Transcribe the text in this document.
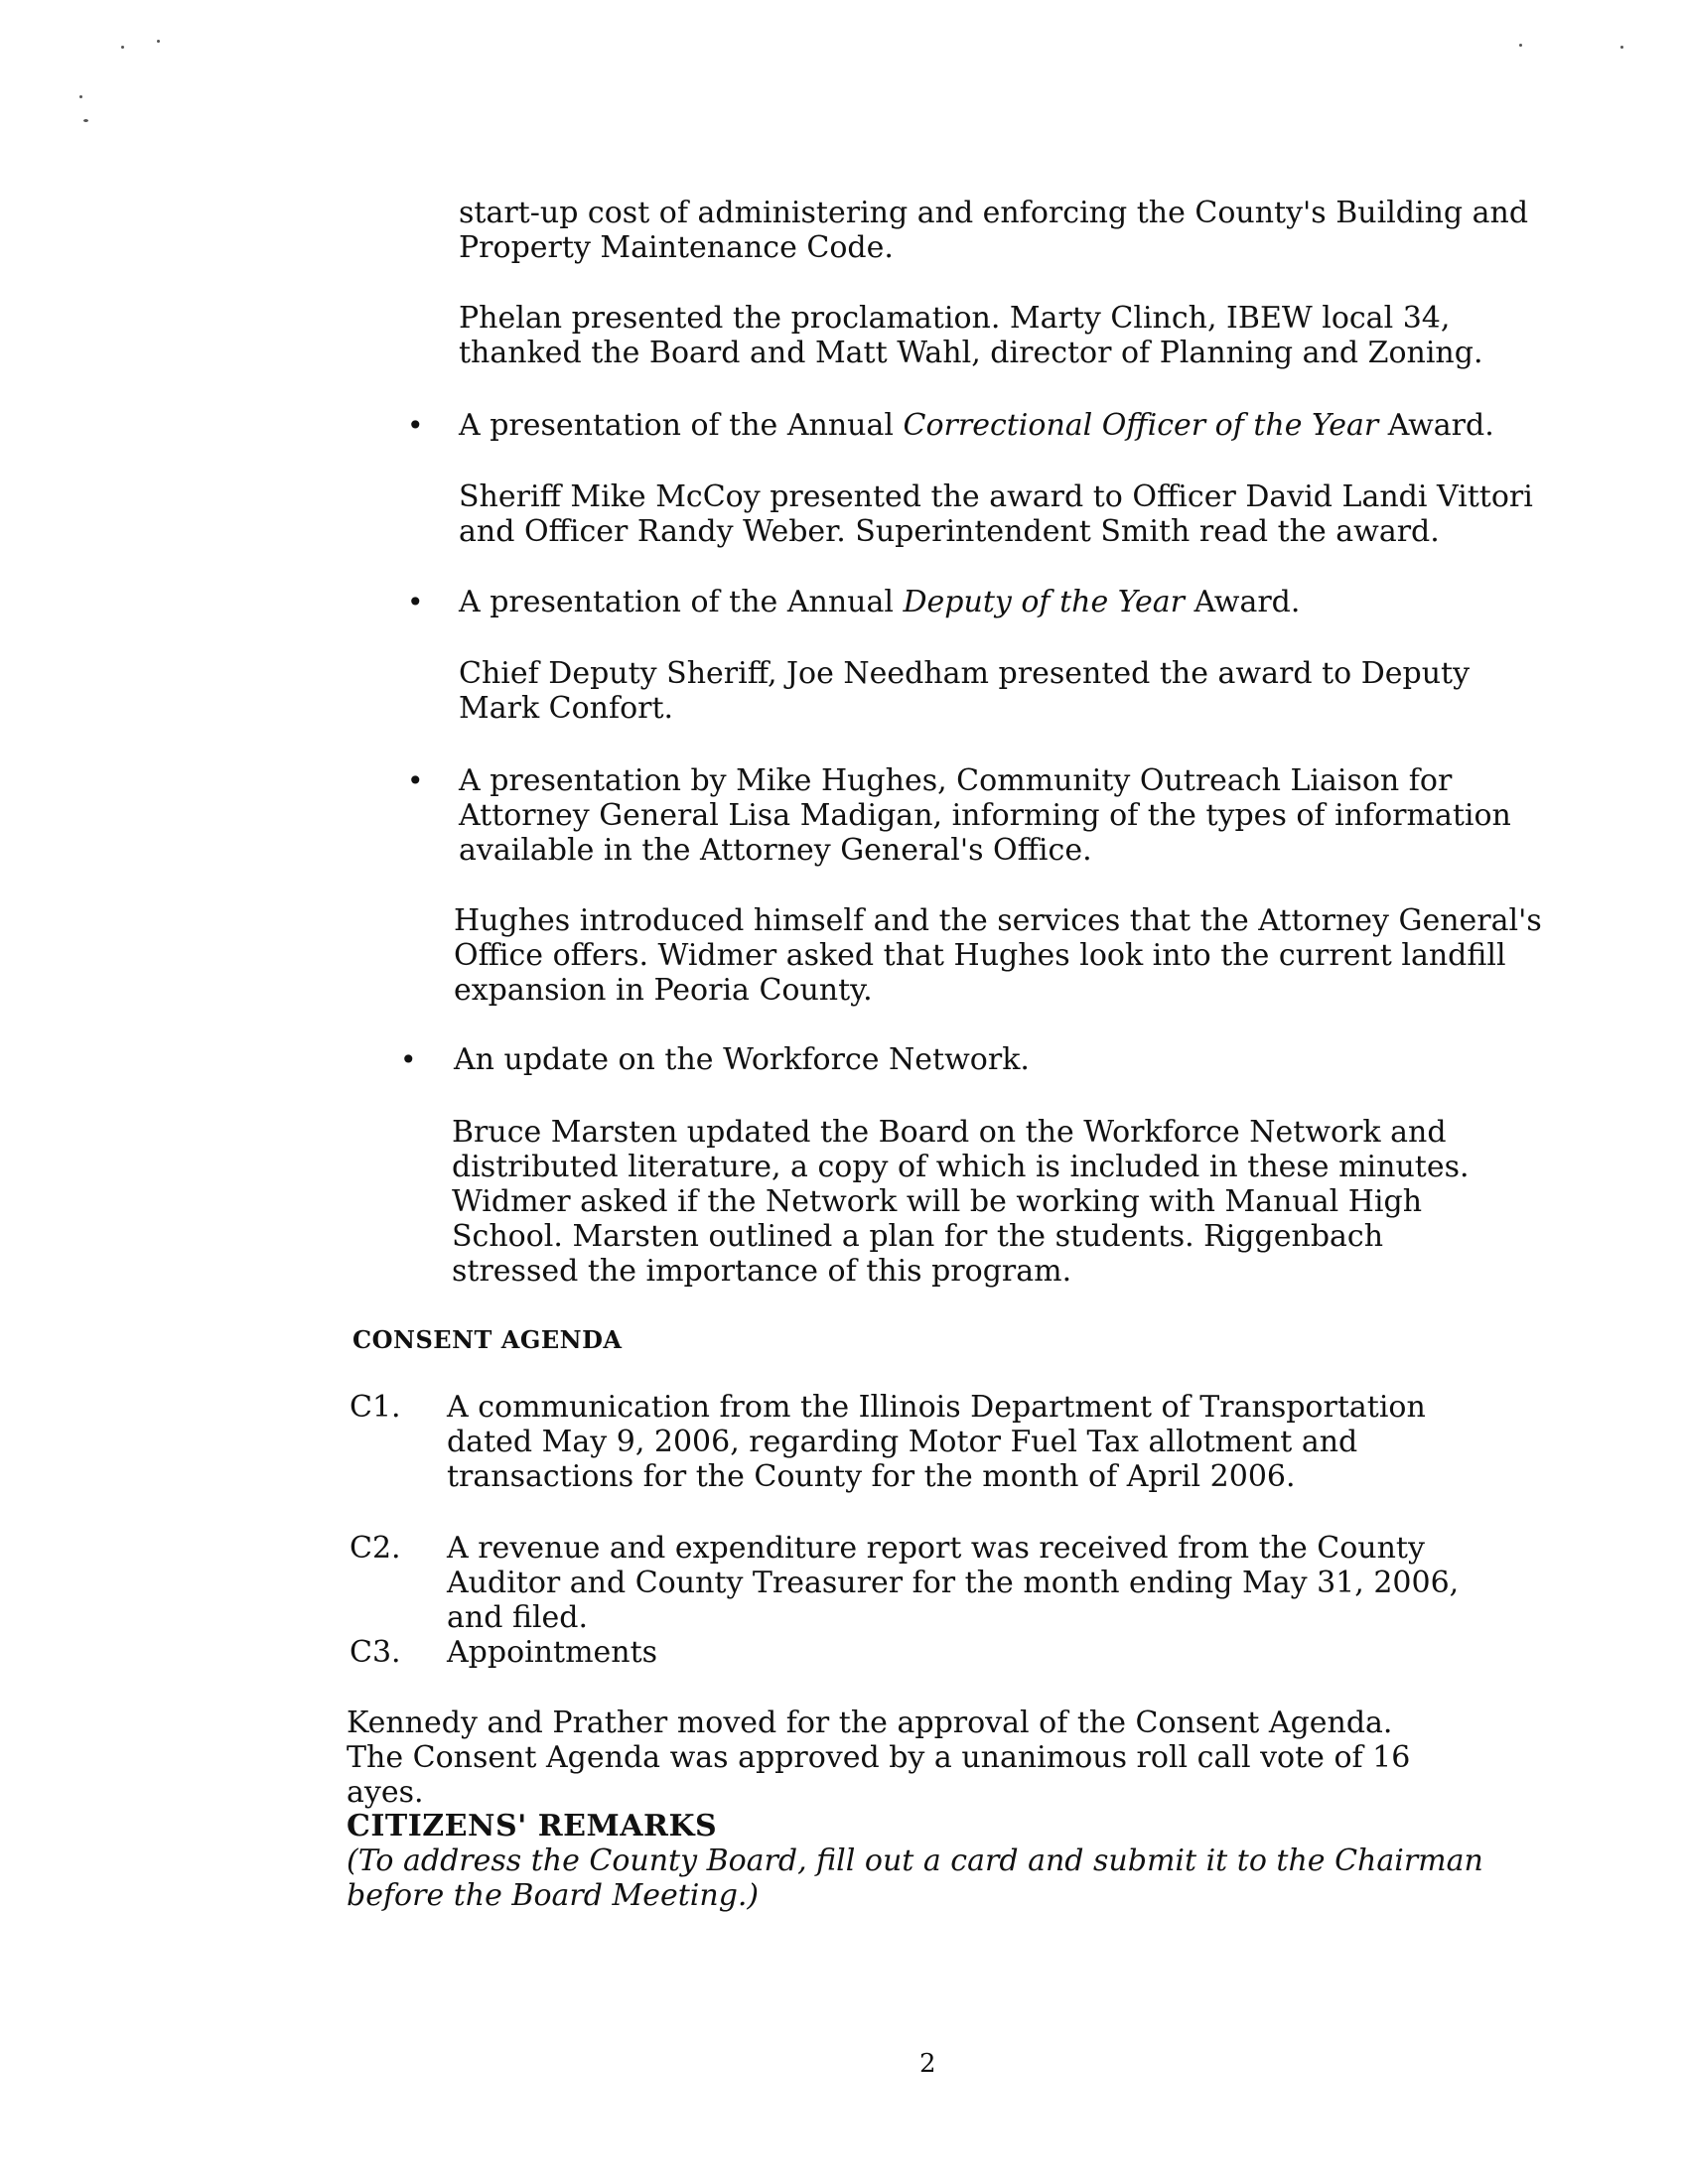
start-up cost of administering and enforcing the County's Building and Property Maintenance Code.

Phelan presented the proclamation. Marty Clinch, IBEW local 34, thanked the Board and Matt Wahl, director of Planning and Zoning.

• A presentation of the Annual Correctional Officer of the Year Award.

Sheriff Mike McCoy presented the award to Officer David Landi Vittori and Officer Randy Weber. Superintendent Smith read the award.

• A presentation of the Annual Deputy of the Year Award.

Chief Deputy Sheriff, Joe Needham presented the award to Deputy Mark Confort.

• A presentation by Mike Hughes, Community Outreach Liaison for Attorney General Lisa Madigan, informing of the types of information available in the Attorney General's Office.

Hughes introduced himself and the services that the Attorney General's Office offers. Widmer asked that Hughes look into the current landfill expansion in Peoria County.

• An update on the Workforce Network.

Bruce Marsten updated the Board on the Workforce Network and distributed literature, a copy of which is included in these minutes. Widmer asked if the Network will be working with Manual High School. Marsten outlined a plan for the students. Riggenbach stressed the importance of this program.

CONSENT AGENDA
C1. A communication from the Illinois Department of Transportation dated May 9, 2006, regarding Motor Fuel Tax allotment and transactions for the County for the month of April 2006.

C2. A revenue and expenditure report was received from the County Auditor and County Treasurer for the month ending May 31, 2006, and filed.

C3. Appointments

Kennedy and Prather moved for the approval of the Consent Agenda. The Consent Agenda was approved by a unanimous roll call vote of 16 ayes.

CITIZENS' REMARKS

(To address the County Board, fill out a card and submit it to the Chairman before the Board Meeting.)

2
